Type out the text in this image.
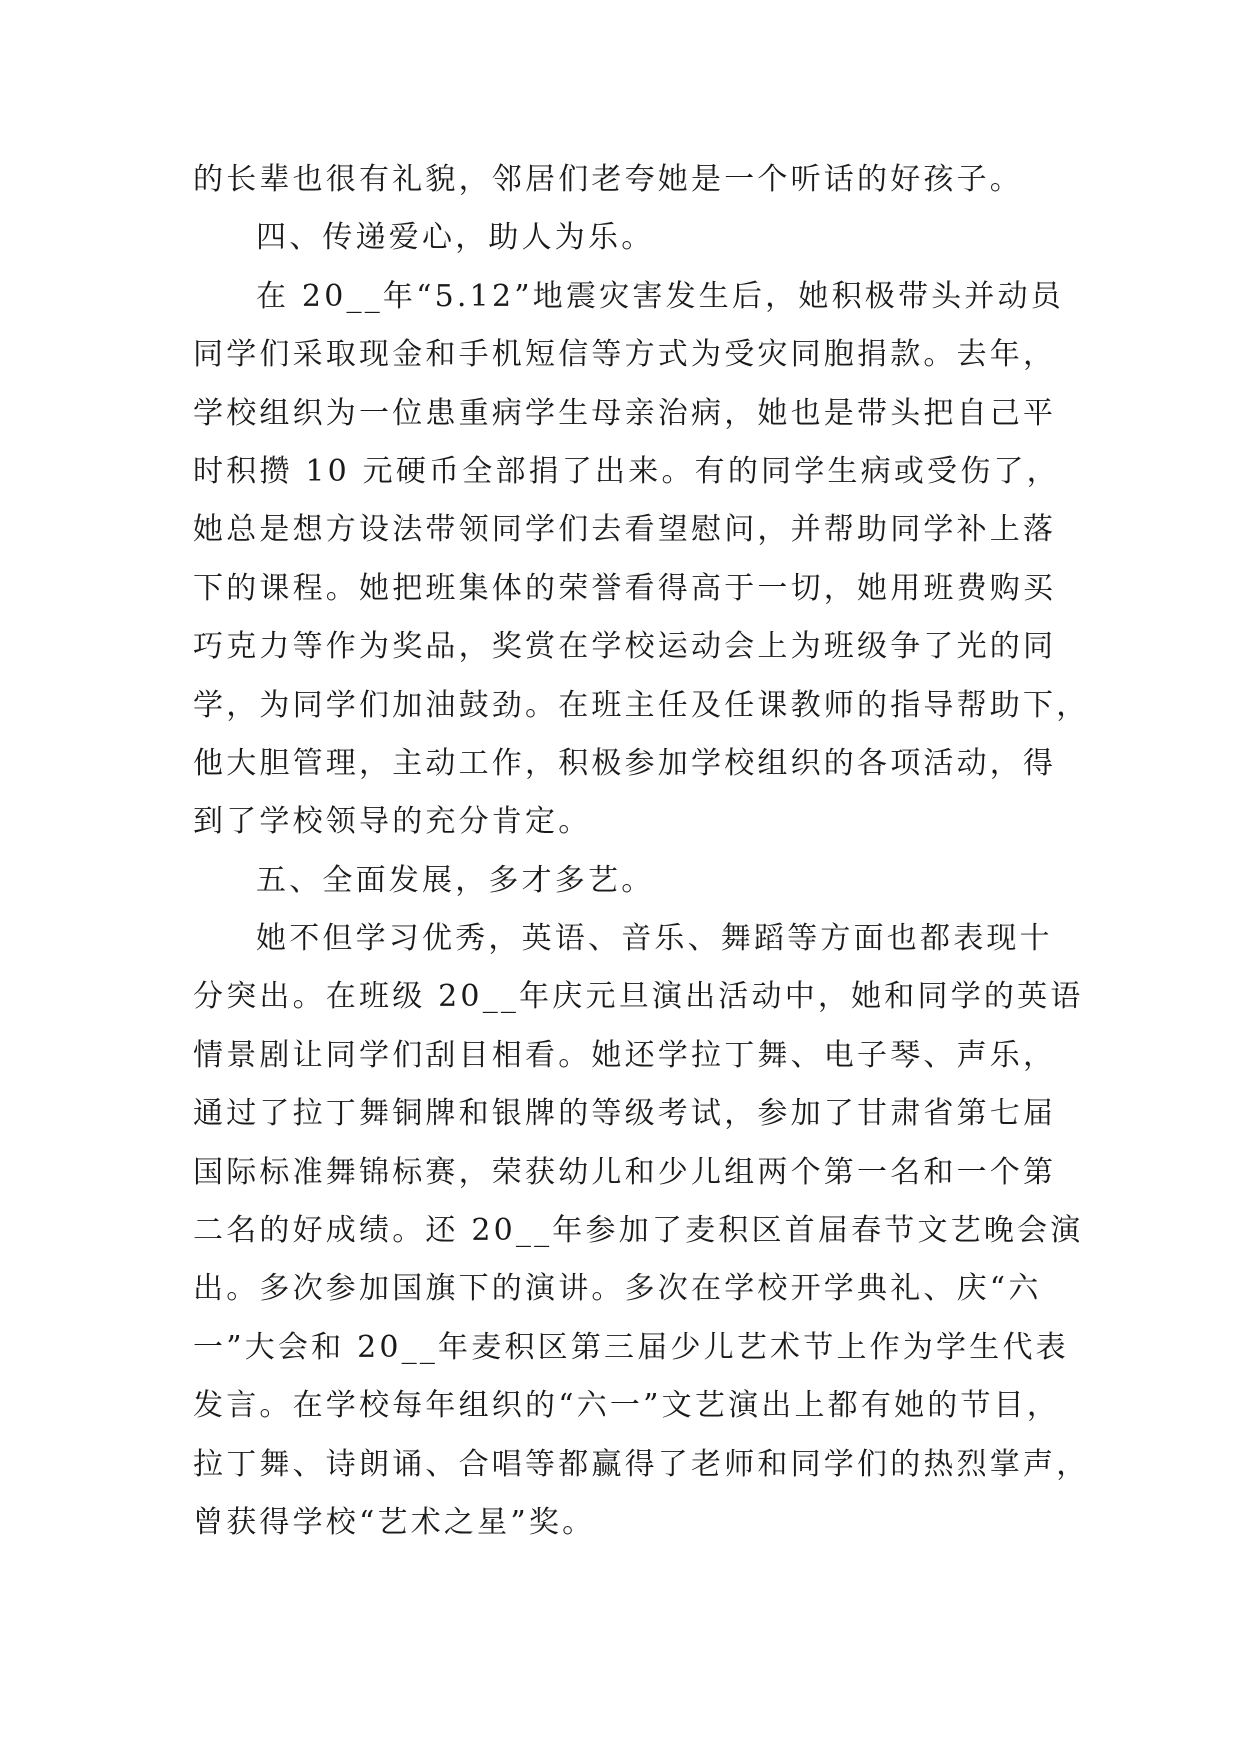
的长辈也很有礼貌，邻居们老夸她是一个听话的好孩子。
四、传递爱心，助人为乐。
在 20__年“5.12”地震灾害发生后，她积极带头并动员
同学们采取现金和手机短信等方式为受灾同胞捐款。去年，
学校组织为一位患重病学生母亲治病，她也是带头把自己平
时积攒 10 元硬币全部捐了出来。有的同学生病或受伤了，
她总是想方设法带领同学们去看望慰问，并帮助同学补上落
下的课程。她把班集体的荣誉看得高于一切，她用班费购买
巧克力等作为奖品，奖赏在学校运动会上为班级争了光的同
学，为同学们加油鼓劲。在班主任及任课教师的指导帮助下，
他大胆管理，主动工作，积极参加学校组织的各项活动，得
到了学校领导的充分肯定。
五、全面发展，多才多艺。
她不但学习优秀，英语、音乐、舞蹈等方面也都表现十
分突出。在班级 20__年庆元旦演出活动中，她和同学的英语
情景剧让同学们刮目相看。她还学拉丁舞、电子琴、声乐，
通过了拉丁舞铜牌和银牌的等级考试，参加了甘肃省第七届
国际标准舞锦标赛，荣获幼儿和少儿组两个第一名和一个第
二名的好成绩。还 20__年参加了麦积区首届春节文艺晚会演
出。多次参加国旗下的演讲。多次在学校开学典礼、庆“六
一”大会和 20__年麦积区第三届少儿艺术节上作为学生代表
发言。在学校每年组织的“六一”文艺演出上都有她的节目，
拉丁舞、诗朗诵、合唱等都赢得了老师和同学们的热烈掌声，
曾获得学校“艺术之星”奖。
